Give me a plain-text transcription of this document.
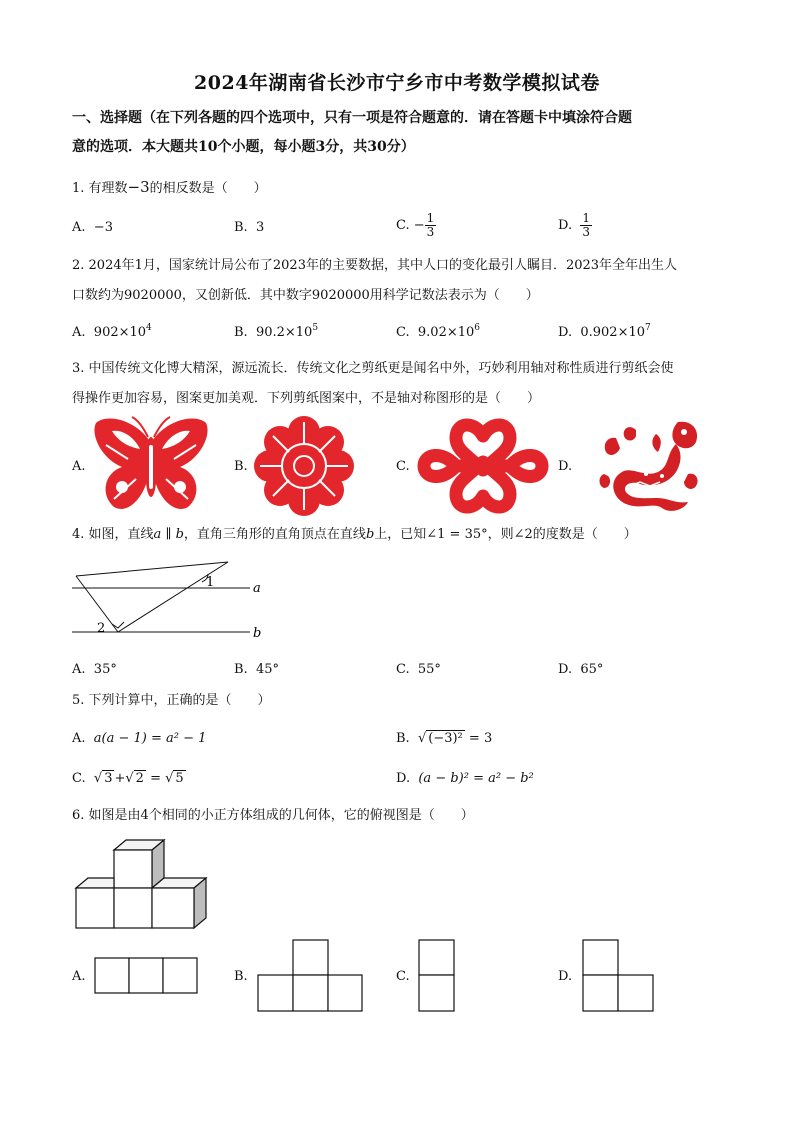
2024年湖南省长沙市宁乡市中考数学模拟试卷
一、选择题（在下列各题的四个选项中，只有一项是符合题意的．请在答题卡中填涂符合题
意的选项．本大题共10个小题，每小题3分，共30分）
1. 有理数−3的相反数是（　　）
A. −3	B. 3	C. − $\frac{1}{3}$	D. $\frac{1}{3}$
2. 2024年1月，国家统计局公布了2023年的主要数据，其中人口的变化最引人瞩目．2023年全年出生人
口数约为9020000，又创新低．其中数字9020000用科学记数法表示为（　　）
A. $902\times 10^4$	B. $90.2\times 10^5$	C. $9.02\times 10^6$	D. $0.902\times 10^7$
3. 中国传统文化博大精深，源远流长．传统文化之剪纸更是闻名中外，巧妙利用轴对称性质进行剪纸会使
得操作更加容易，图案更加美观．下列剪纸图案中，不是轴对称图形的是（　　）
A.	B.	C.	D.
4. 如图，直线a ∥ b，直角三角形的直角顶点在直线b上，已知∠1 = 35°，则∠2的度数是（　　）
1
2
a
b
A. 35°	B. 45°	C. 55°	D. 65°
5. 下列计算中，正确的是（　　）
A. a(a − 1) = a² − 1	B. √ (−3)² = 3
C. √ 3 +√ 2 = √ 5	D. (a − b)² = a² − b²
6. 如图是由4个相同的小正方体组成的几何体，它的俯视图是（　　）
A.	B.	C.	D.
